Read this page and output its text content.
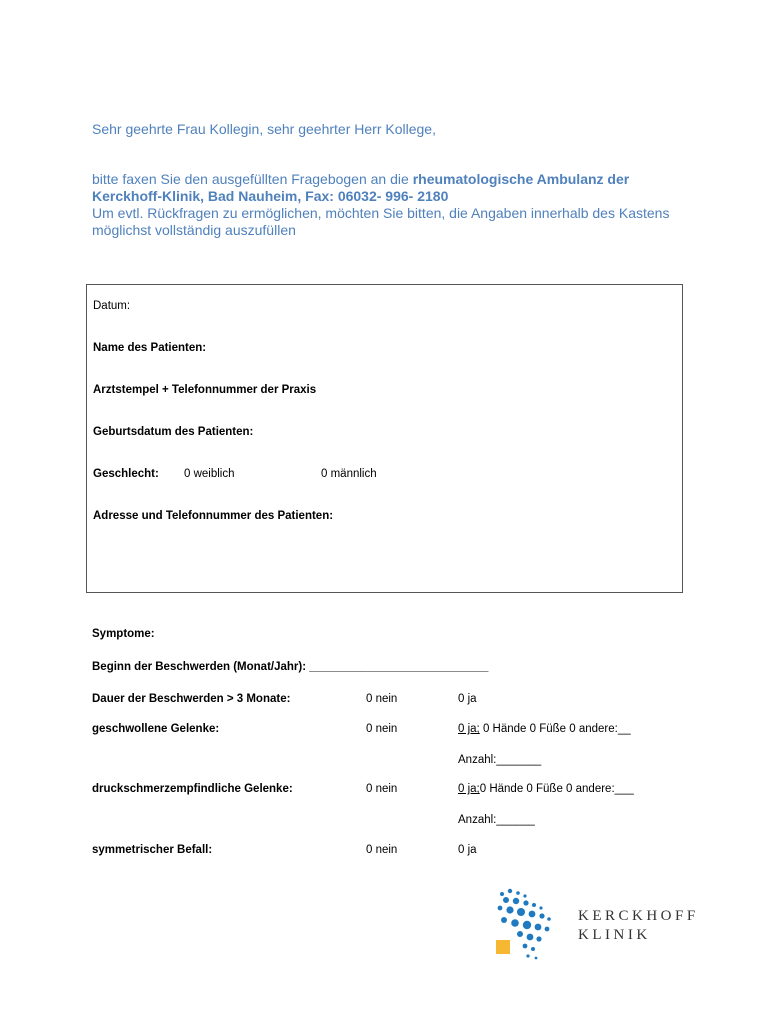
Sehr geehrte Frau Kollegin, sehr geehrter Herr Kollege,
bitte faxen Sie den ausgefüllten Fragebogen an die rheumatologische Ambulanz der Kerckhoff-Klinik, Bad Nauheim, Fax: 06032- 996- 2180
Um evtl. Rückfragen zu ermöglichen, möchten Sie bitten, die Angaben innerhalb des Kastens möglichst vollständig auszufüllen
Datum:
Name des Patienten:
Arztstempel + Telefonnummer der Praxis
Geburtsdatum des Patienten:
Geschlecht: 0 weiblich	0 männlich
Adresse und Telefonnummer des Patienten:
Symptome:
Beginn der Beschwerden (Monat/Jahr): ____________________________
Dauer der Beschwerden > 3 Monate:	0 nein	0 ja
geschwollene Gelenke:	0 nein	0 ja; 0 Hände 0 Füße 0 andere:__
Anzahl:_______
druckschmerzempfindliche Gelenke:	0 nein	0 ja;0 Hände 0 Füße 0 andere:___
Anzahl:______
symmetrischer Befall:	0 nein	0 ja
KERCKHOFF
KLINIK
